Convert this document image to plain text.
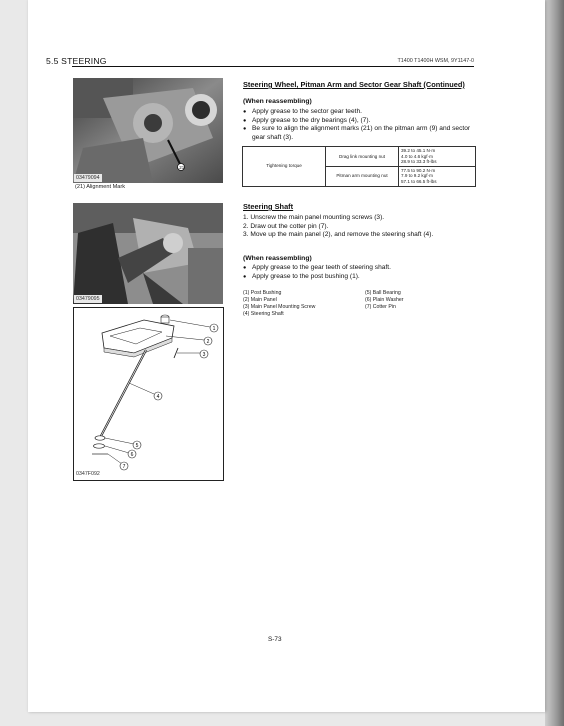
5.5 STEERING	T1400 T1400H WSM, 9Y1147-0
21
03479094
(21) Alignment Mark
03479095
1
2
3
4
5
6
7
0347F092
Steering Wheel, Pitman Arm and Sector Gear Shaft (Continued)
(When reassembling)
● Apply grease to the sector gear teeth.
● Apply grease to the dry bearings (4), (7).
● Be sure to align the alignment marks (21) on the pitman arm (9) and sector gear shaft (3).
Tightening torque	Drag link mounting nut	39.2 to 45.1 N·m
4.0 to 4.6 kgf·m
28.9 to 33.3 ft-lbs

	Pitman arm mounting nut	77.5 to 90.2 N·m
7.9 to 9.2 kgf·m
57.1 to 66.5 ft-lbs
Steering Shaft
1. Unscrew the main panel mounting screws (3).
2. Draw out the cotter pin (7).
3. Move up the main panel (2), and remove the steering shaft (4).
(When reassembling)
● Apply grease to the gear teeth of steering shaft.
● Apply grease to the post bushing (1).
(1) Post Bushing
(2) Main Panel
(3) Main Panel Mounting Screw
(4) Steering Shaft
(5) Ball Bearing
(6) Plain Washer
(7) Cotter Pin
S-73
